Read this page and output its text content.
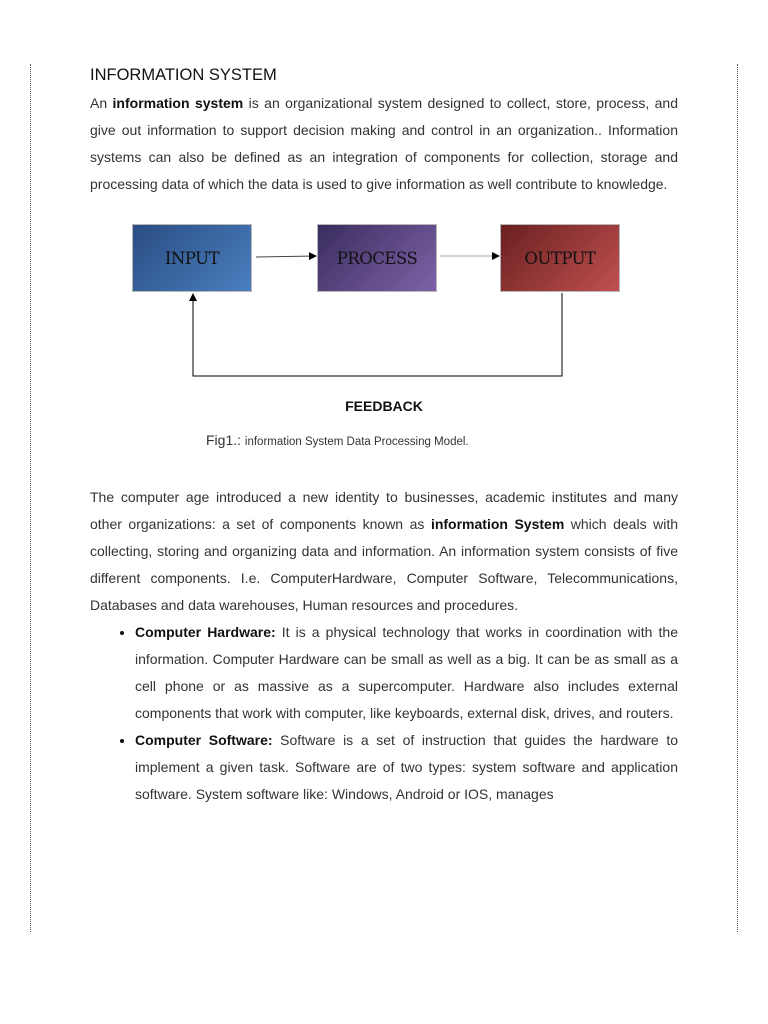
INFORMATION SYSTEM

An information system is an organizational system designed to collect, store, process, and give out information to support decision making and control in an organization.. Information systems can also be defined as an integration of components for collection, storage and processing data of which the data is used to give information as well contribute to knowledge.

INPUT	PROCESS	OUTPUT
FEEDBACK
Fig1.: information System Data Processing Model.

The computer age introduced a new identity to businesses, academic institutes and many other organizations: a set of components known as information System which deals with collecting, storing and organizing data and information. An information system consists of five different components. I.e. ComputerHardware, Computer Software, Telecommunications, Databases and data warehouses, Human resources and procedures.

• Computer Hardware: It is a physical technology that works in coordination with the information. Computer Hardware can be small as well as a big. It can be as small as a cell phone or as massive as a supercomputer. Hardware also includes external components that work with computer, like keyboards, external disk, drives, and routers.
• Computer Software: Software is a set of instruction that guides the hardware to implement a given task. Software are of two types: system software and application software. System software like: Windows, Android or IOS, manages
